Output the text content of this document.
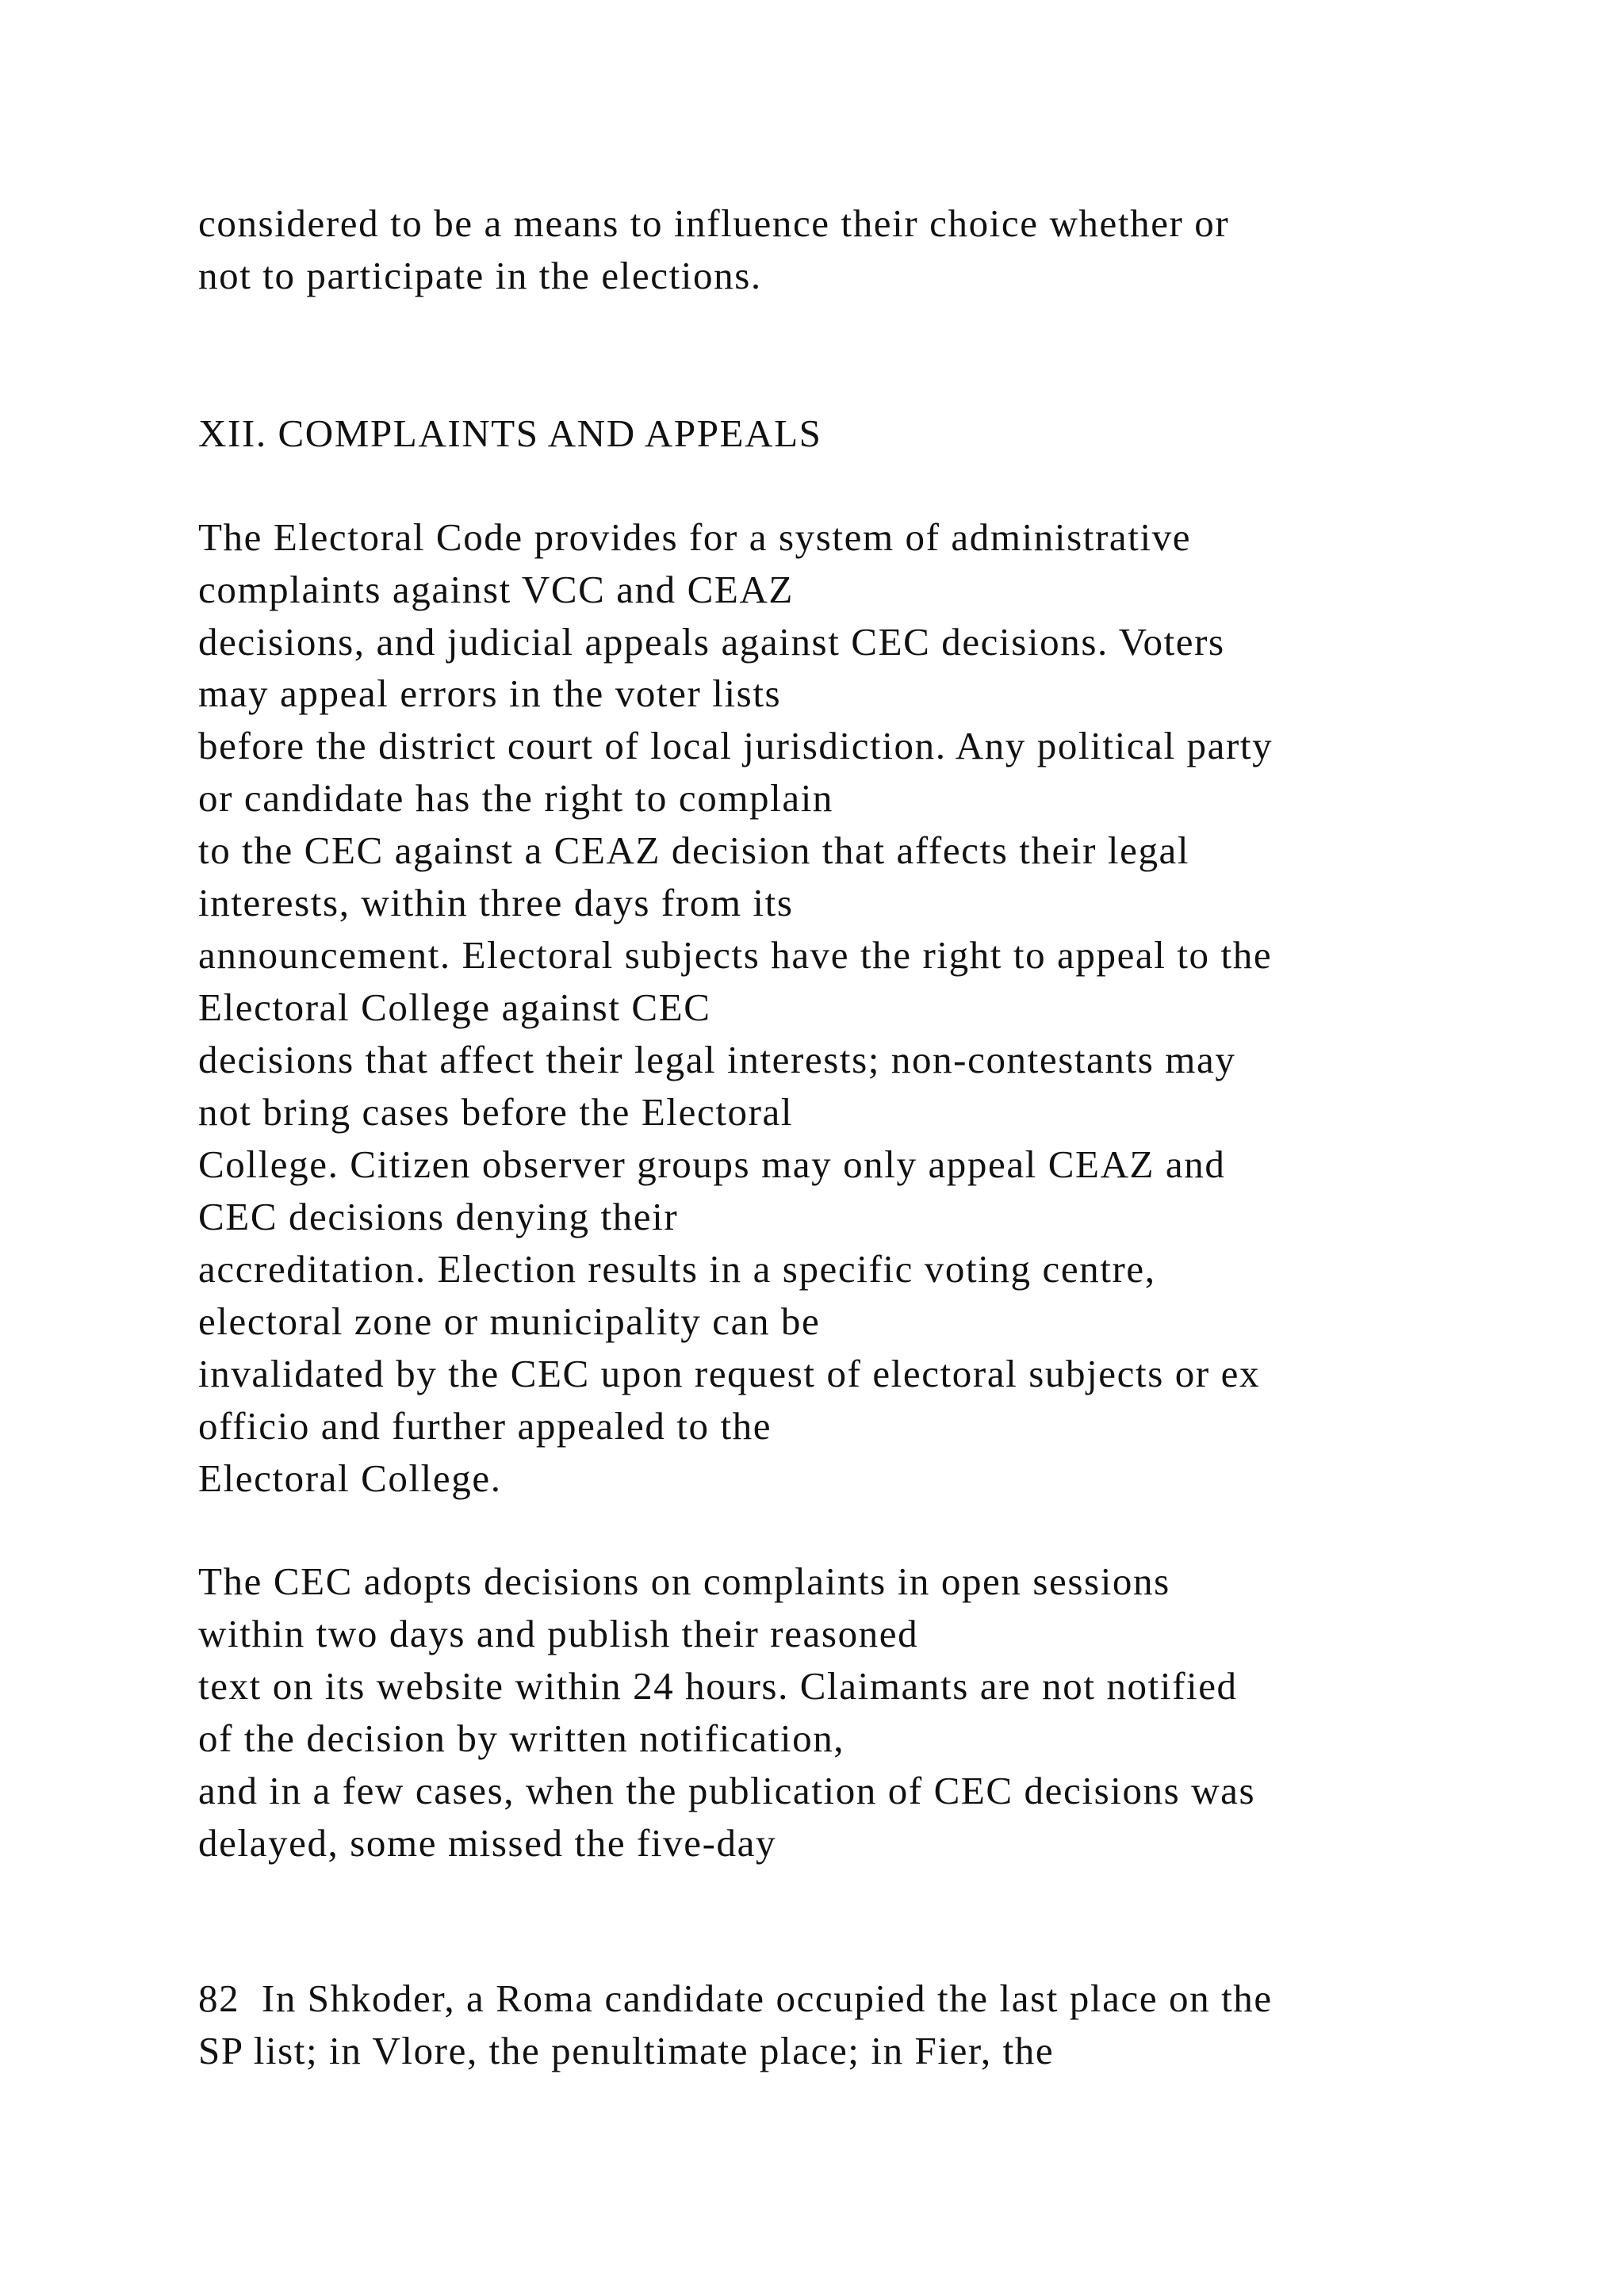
considered to be a means to influence their choice whether or
not to participate in the elections.
XII. COMPLAINTS AND APPEALS
The Electoral Code provides for a system of administrative
complaints against VCC and CEAZ
decisions, and judicial appeals against CEC decisions. Voters
may appeal errors in the voter lists
before the district court of local jurisdiction. Any political party
or candidate has the right to complain
to the CEC against a CEAZ decision that affects their legal
interests, within three days from its
announcement. Electoral subjects have the right to appeal to the
Electoral College against CEC
decisions that affect their legal interests; non-contestants may
not bring cases before the Electoral
College. Citizen observer groups may only appeal CEAZ and
CEC decisions denying their
accreditation. Election results in a specific voting centre,
electoral zone or municipality can be
invalidated by the CEC upon request of electoral subjects or ex
officio and further appealed to the
Electoral College.
The CEC adopts decisions on complaints in open sessions
within two days and publish their reasoned
text on its website within 24 hours. Claimants are not notified
of the decision by written notification,
and in a few cases, when the publication of CEC decisions was
delayed, some missed the five-day
82  In Shkoder, a Roma candidate occupied the last place on the
SP list; in Vlore, the penultimate place; in Fier, the
